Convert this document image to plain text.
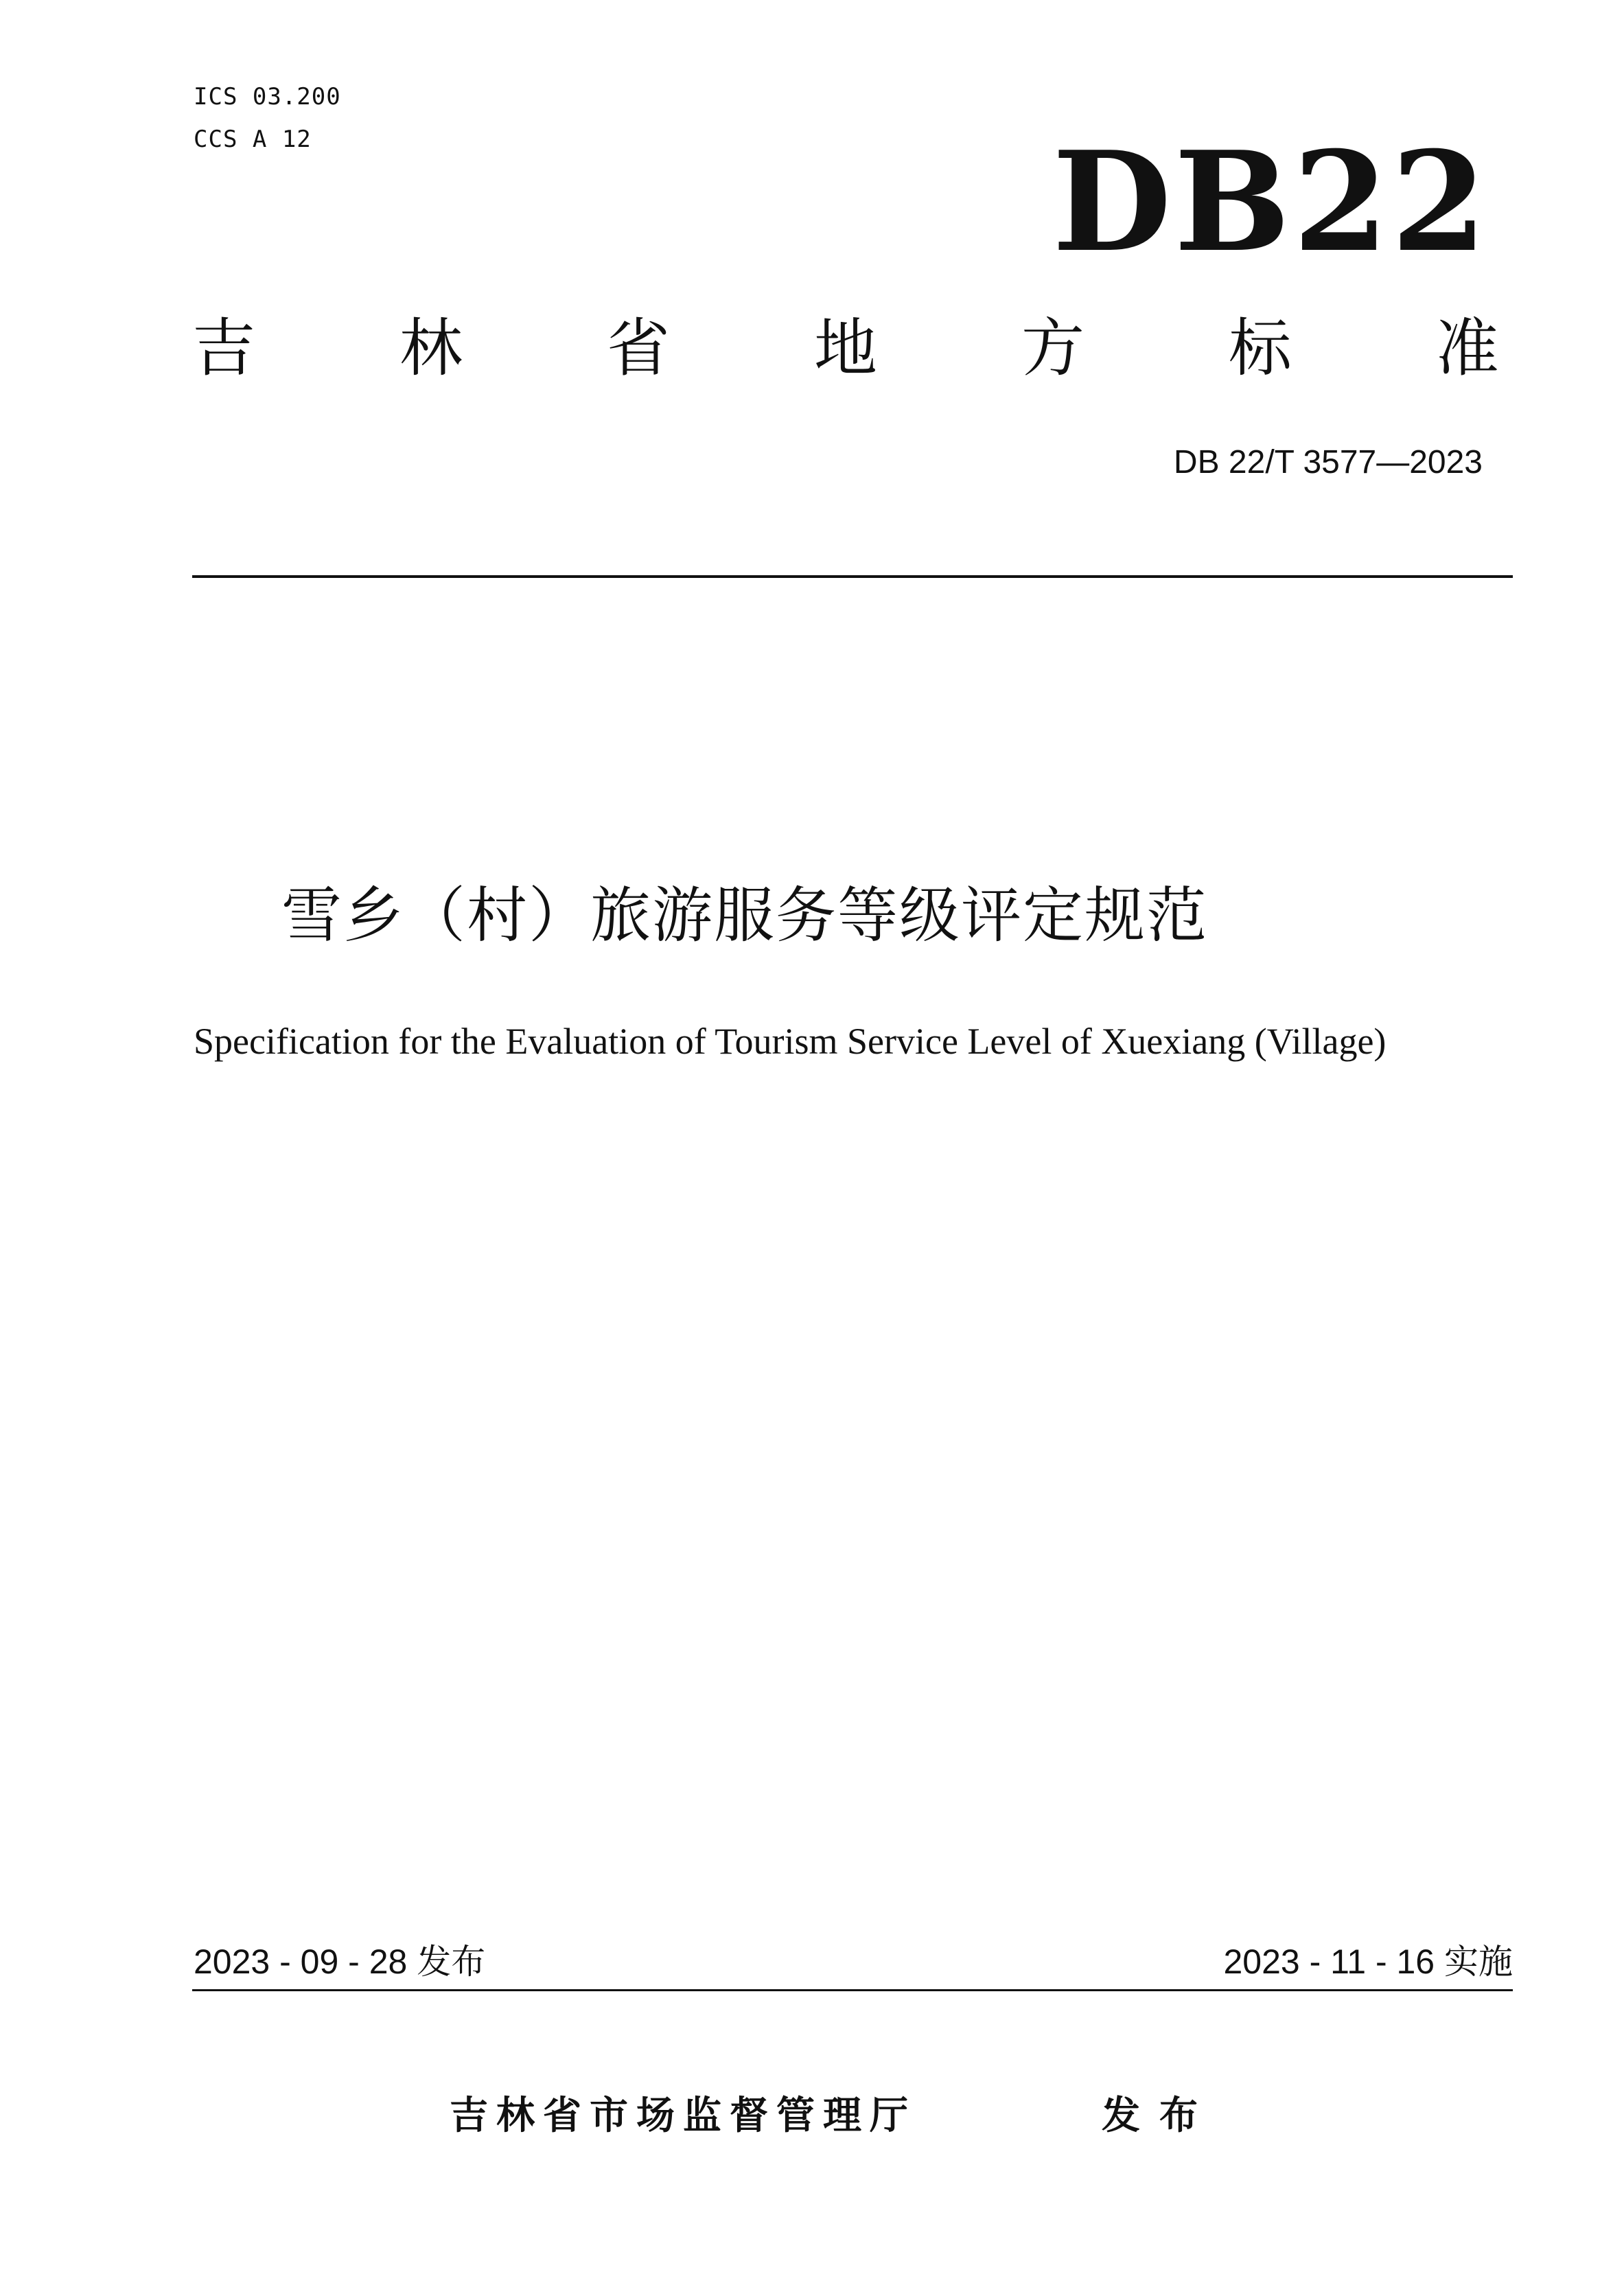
ICS 03.200
CCS A 12	DB22
吉 林 省 地 方 标 准
DB 22/T 3577—2023
雪乡（村）旅游服务等级评定规范
Specification for the Evaluation of Tourism Service Level of Xuexiang (Village)
2023 - 09 - 28 发布	2023 - 11 - 16 实施
吉林省市场监督管理厅	发布
